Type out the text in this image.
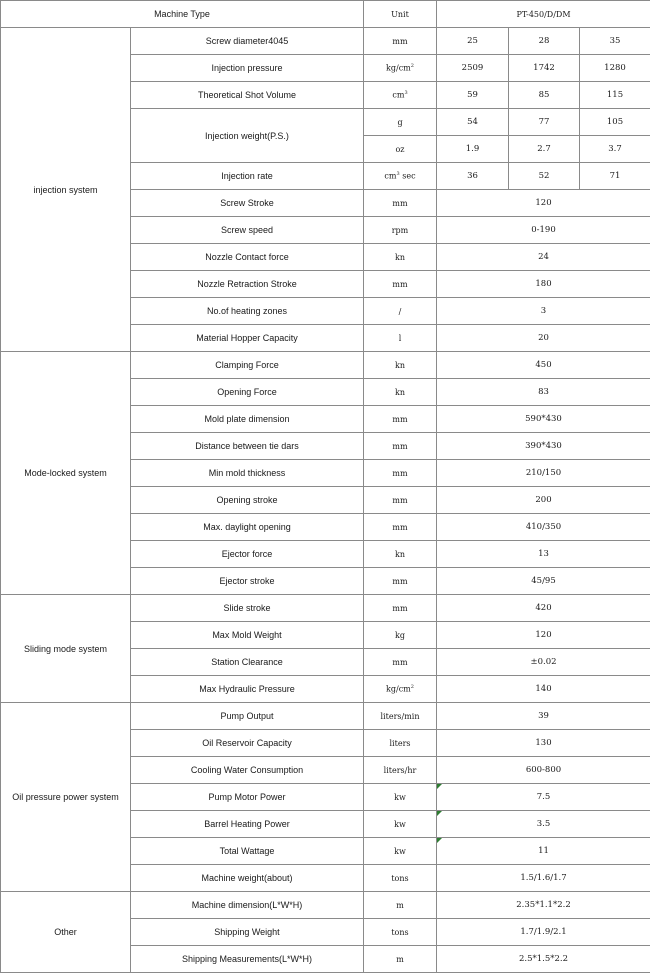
Machine Type		Unit	PT-450/D/DM		
injection system	Screw diameter4045	mm	25	28	35
	Injection pressure	$kg/cm^2$	2509	1742	1280
	Theoretical Shot Volume	$cm^3$	59	85	115
	Injection weight(P.S.)	g	54	77	105
		oz	1.9	2.7	3.7
	Injection rate	$cm^3$ sec	36	52	71
	Screw Stroke	mm	120		
	Screw speed	rpm	0-190		
	Nozzle Contact force	kn	24		
	Nozzle Retraction Stroke	mm	180		
	No.of heating zones	/	3		
	Material Hopper Capacity	l	20		
Mode-locked system	Clamping Force	kn	450		
	Opening Force	kn	83		
	Mold plate dimension	mm	590*430		
	Distance between tie dars	mm	390*430		
	Min mold thickness	mm	210/150		
	Opening stroke	mm	200		
	Max. daylight opening	mm	410/350		
	Ejector force	kn	13		
	Ejector stroke	mm	45/95		
Sliding mode system	Slide stroke	mm	420		
	Max Mold Weight	kg	120		
	Station Clearance	mm	±0.02		
	Max Hydraulic Pressure	$kg/cm^2$	140		
Oil pressure power system	Pump Output	liters/min	39		
	Oil Reservoir Capacity	liters	130		
	Cooling Water Consumption	liters/hr	600-800		
	Pump Motor Power	kw	7.5		
	Barrel Heating Power	kw	3.5		
	Total Wattage	kw	11		
	Machine weight(about)	tons	1.5/1.6/1.7		
Other	Machine dimension(L*W*H)	m	2.35*1.1*2.2		
	Shipping Weight	tons	1.7/1.9/2.1		
	Shipping Measurements(L*W*H)	m	2.5*1.5*2.2		
